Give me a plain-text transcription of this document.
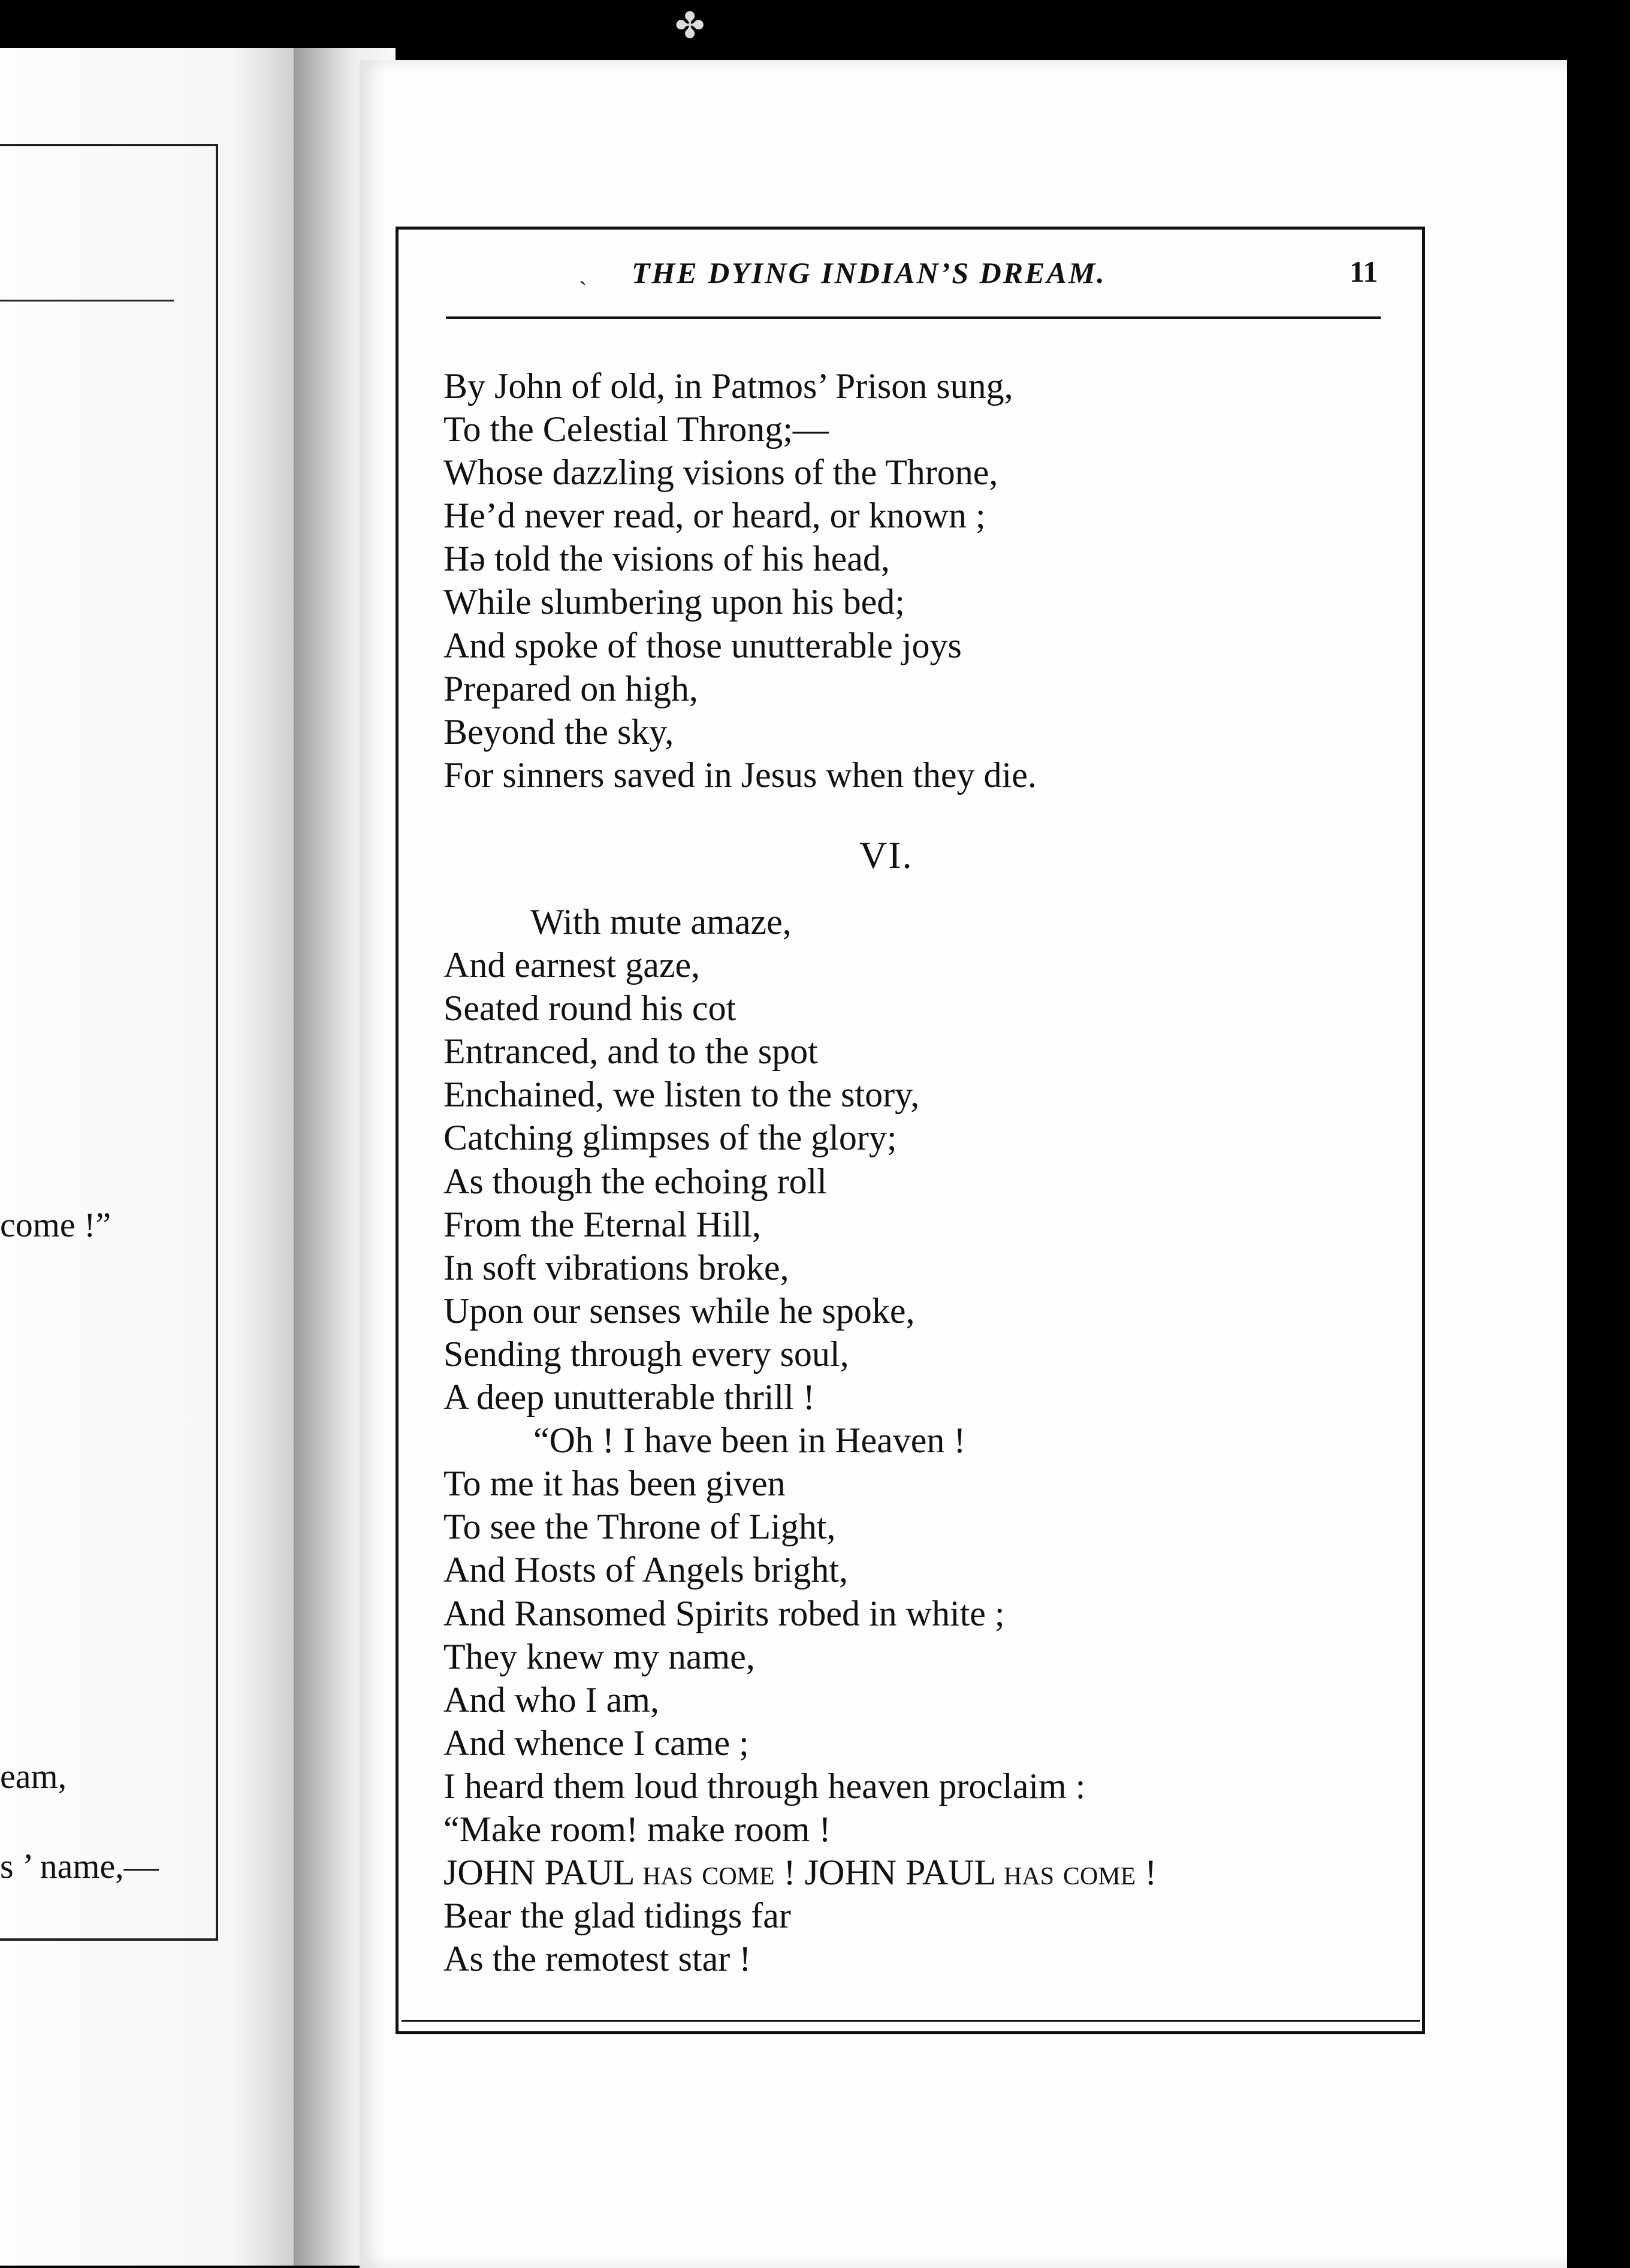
✤
come !”
eam,
s ’ name,—
ˎ THE DYING INDIAN’S DREAM.	11
By John of old, in Patmos’ Prison sung,
To the Celestial Throng;—
Whose dazzling visions of the Throne,
He’d never read, or heard, or known ;
Hə told the visions of his head,
While slumbering upon his bed;
And spoke of those unutterable joys
Prepared on high,
Beyond the sky,
For sinners saved in Jesus when they die.
VI.
With mute amaze,
And earnest gaze,
Seated round his cot
Entranced, and to the spot
Enchained, we listen to the story,
Catching glimpses of the glory;
As though the echoing roll
From the Eternal Hill,
In soft vibrations broke,
Upon our senses while he spoke,
Sending through every soul,
A deep unutterable thrill !
“Oh ! I have been in Heaven !
To me it has been given
To see the Throne of Light,
And Hosts of Angels bright,
And Ransomed Spirits robed in white ;
They knew my name,
And who I am,
And whence I came ;
I heard them loud through heaven proclaim :
“Make room! make room !
JOHN PAUL has come ! JOHN PAUL has come !
Bear the glad tidings far
As the remotest star !
